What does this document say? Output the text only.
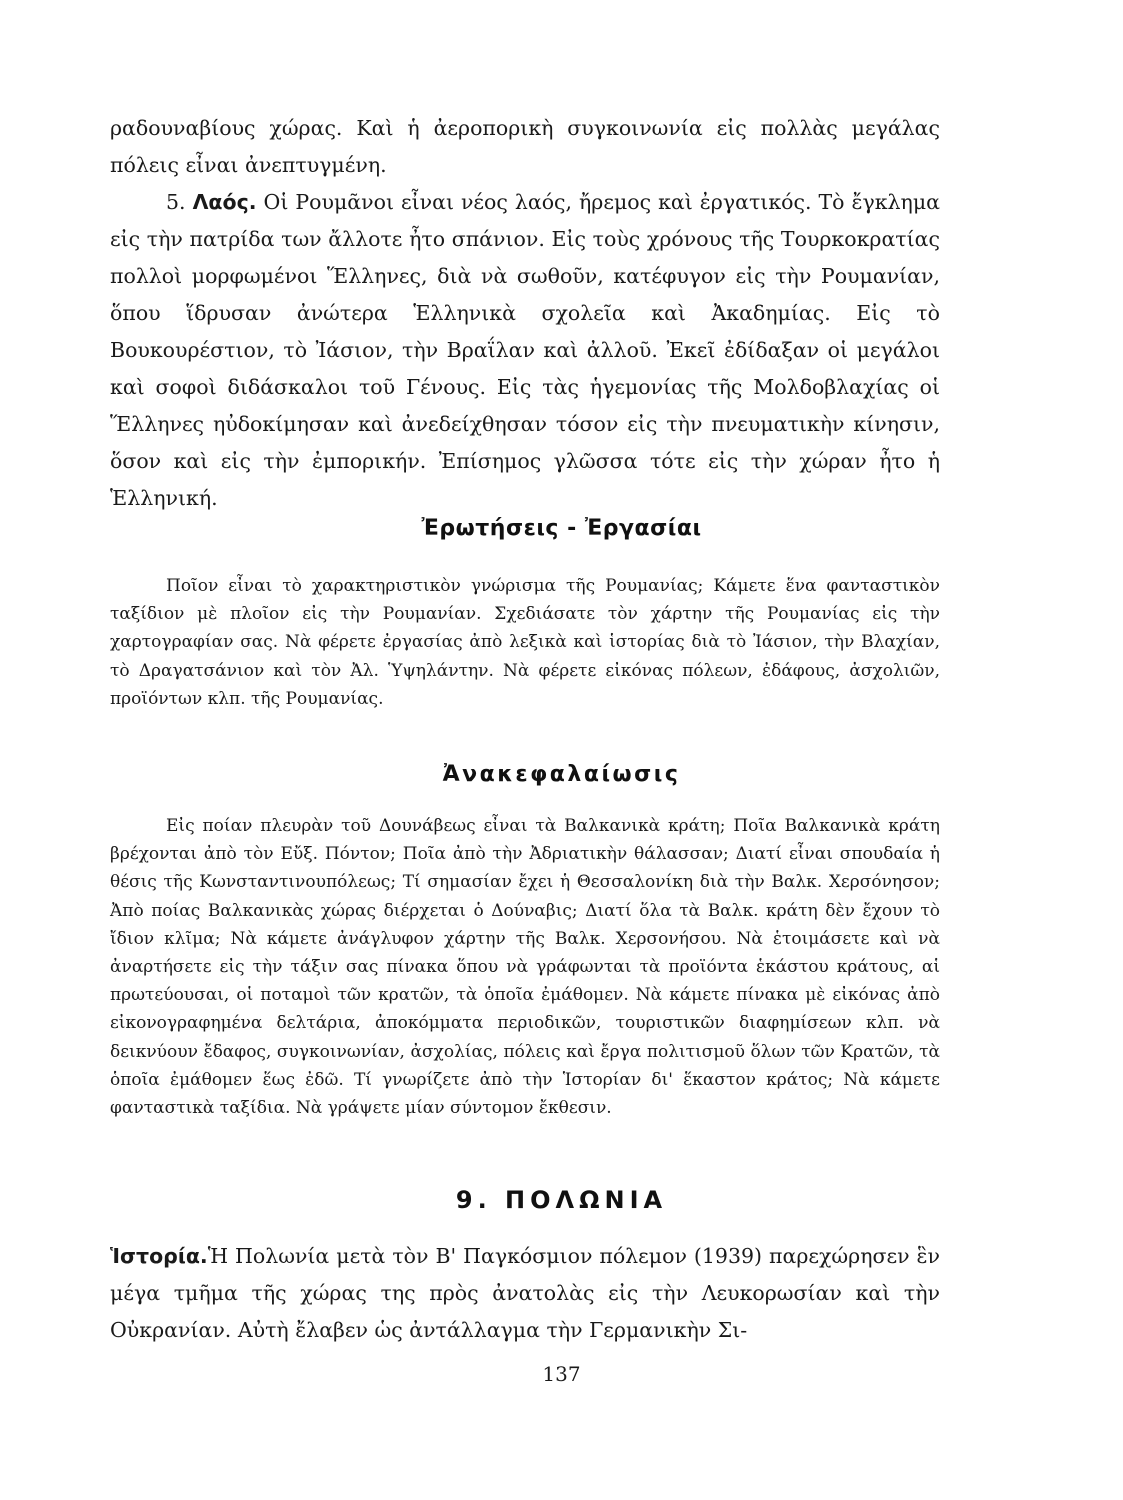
ραδουναβίους χώρας. Καὶ ἡ ἀεροπορικὴ συγκοινωνία εἰς πολλὰς μεγάλας πόλεις εἶναι ἀνεπτυγμένη.

5. Λαός. Οἱ Ρουμᾶνοι εἶναι νέος λαός, ἤρεμος καὶ ἐργατικός. Τὸ ἔγκλημα εἰς τὴν πατρίδα των ἄλλοτε ἦτο σπάνιον. Εἰς τοὺς χρόνους τῆς Τουρκοκρατίας πολλοὶ μορφωμένοι Ἕλληνες, διὰ νὰ σωθοῦν, κατέφυγον εἰς τὴν Ρουμανίαν, ὅπου ἵδρυσαν ἀνώτερα Ἑλληνικὰ σχολεῖα καὶ Ἀκαδημίας. Εἰς τὸ Βουκουρέστιον, τὸ Ἰάσιον, τὴν Βραΐλαν καὶ ἀλλοῦ. Ἐκεῖ ἐδίδαξαν οἱ μεγάλοι καὶ σοφοὶ διδάσκαλοι τοῦ Γένους. Εἰς τὰς ἡγεμονίας τῆς Μολδοβλαχίας οἱ Ἕλληνες ηὐδοκίμησαν καὶ ἀνεδείχθησαν τόσον εἰς τὴν πνευματικὴν κίνησιν, ὅσον καὶ εἰς τὴν ἐμπορικήν. Ἐπίσημος γλῶσσα τότε εἰς τὴν χώραν ἦτο ἡ Ἑλληνική.

Ἐρωτήσεις - Ἐργασίαι

Ποῖον εἶναι τὸ χαρακτηριστικὸν γνώρισμα τῆς Ρουμανίας; Κάμετε ἕνα φανταστικὸν ταξίδιον μὲ πλοῖον εἰς τὴν Ρουμανίαν. Σχεδιάσατε τὸν χάρτην τῆς Ρουμανίας εἰς τὴν χαρτογραφίαν σας. Νὰ φέρετε ἐργασίας ἀπὸ λεξικὰ καὶ ἱστορίας διὰ τὸ Ἰάσιον, τὴν Βλαχίαν, τὸ Δραγατσάνιον καὶ τὸν Ἀλ. Ὑψηλάντην. Νὰ φέρετε εἰκόνας πόλεων, ἐδάφους, ἀσχολιῶν, προϊόντων κλπ. τῆς Ρουμανίας.

Ἀνακεφαλαίωσις

Εἰς ποίαν πλευρὰν τοῦ Δουνάβεως εἶναι τὰ Βαλκανικὰ κράτη; Ποῖα Βαλκανικὰ κράτη βρέχονται ἀπὸ τὸν Εὔξ. Πόντον; Ποῖα ἀπὸ τὴν Ἀδριατικὴν θάλασσαν; Διατί εἶναι σπουδαία ἡ θέσις τῆς Κωνσταντινουπόλεως; Τί σημασίαν ἔχει ἡ Θεσσαλονίκη διὰ τὴν Βαλκ. Χερσόνησον; Ἀπὸ ποίας Βαλκανικὰς χώρας διέρχεται ὁ Δούναβις; Διατί ὅλα τὰ Βαλκ. κράτη δὲν ἔχουν τὸ ἴδιον κλῖμα; Νὰ κάμετε ἀνάγλυφον χάρτην τῆς Βαλκ. Χερσονήσου. Νὰ ἑτοιμάσετε καὶ νὰ ἀναρτήσετε εἰς τὴν τάξιν σας πίνακα ὅπου νὰ γράφωνται τὰ προϊόντα ἑκάστου κράτους, αἱ πρωτεύουσαι, οἱ ποταμοὶ τῶν κρατῶν, τὰ ὁποῖα ἐμάθομεν. Νὰ κάμετε πίνακα μὲ εἰκόνας ἀπὸ εἰκονογραφημένα δελτάρια, ἀποκόμματα περιοδικῶν, τουριστικῶν διαφημίσεων κλπ. νὰ δεικνύουν ἔδαφος, συγκοινωνίαν, ἀσχολίας, πόλεις καὶ ἔργα πολιτισμοῦ ὅλων τῶν Κρατῶν, τὰ ὁποῖα ἐμάθομεν ἕως ἐδῶ. Τί γνωρίζετε ἀπὸ τὴν Ἱστορίαν δι' ἕκαστον κράτος; Νὰ κάμετε φανταστικὰ ταξίδια. Νὰ γράψετε μίαν σύντομον ἔκθεσιν.

9. ΠΟΛΩΝΙΑ

Ἱστορία.Ἡ Πολωνία μετὰ τὸν Β' Παγκόσμιον πόλεμον (1939) παρεχώρησεν ἓν μέγα τμῆμα τῆς χώρας της πρὸς ἀνατολὰς εἰς τὴν Λευκορωσίαν καὶ τὴν Οὐκρανίαν. Αὐτὴ ἔλαβεν ὡς ἀντάλλαγμα τὴν Γερμανικὴν Σι-

137
